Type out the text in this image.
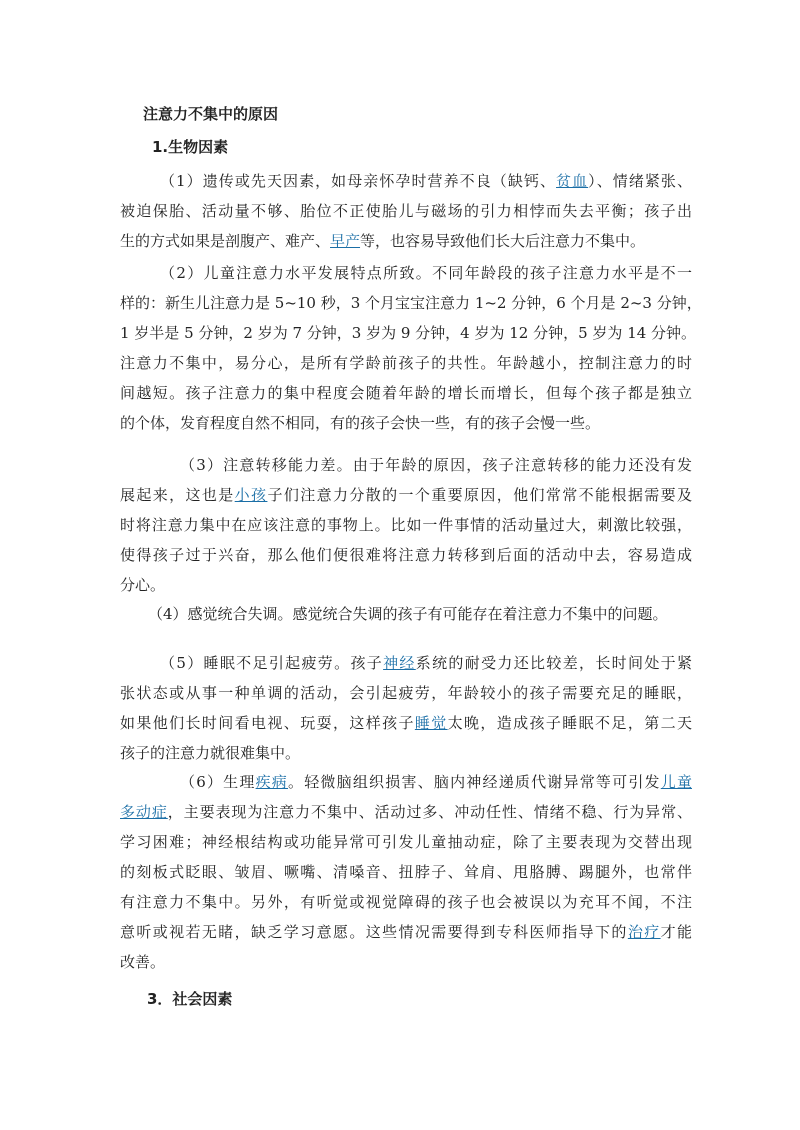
注意力不集中的原因
1.生物因素
（1）遗传或先天因素，如母亲怀孕时营养不良（缺钙、贫血）、情绪紧张、
被迫保胎、活动量不够、胎位不正使胎儿与磁场的引力相悖而失去平衡；孩子出
生的方式如果是剖腹产、难产、早产等，也容易导致他们长大后注意力不集中。
（2）儿童注意力水平发展特点所致。不同年龄段的孩子注意力水平是不一
样的：新生儿注意力是 5~10 秒，3 个月宝宝注意力 1~2 分钟，6 个月是 2~3 分钟，
1 岁半是 5 分钟，2 岁为 7 分钟，3 岁为 9 分钟，4 岁为 12 分钟，5 岁为 14 分钟。
注意力不集中，易分心，是所有学龄前孩子的共性。年龄越小，控制注意力的时
间越短。孩子注意力的集中程度会随着年龄的增长而增长，但每个孩子都是独立
的个体，发育程度自然不相同，有的孩子会快一些，有的孩子会慢一些。
（3）注意转移能力差。由于年龄的原因，孩子注意转移的能力还没有发
展起来，这也是小孩子们注意力分散的一个重要原因，他们常常不能根据需要及
时将注意力集中在应该注意的事物上。比如一件事情的活动量过大，刺激比较强，
使得孩子过于兴奋，那么他们便很难将注意力转移到后面的活动中去，容易造成
分心。
（4）感觉统合失调。感觉统合失调的孩子有可能存在着注意力不集中的问题。
（5）睡眠不足引起疲劳。孩子神经系统的耐受力还比较差，长时间处于紧
张状态或从事一种单调的活动，会引起疲劳，年龄较小的孩子需要充足的睡眠，
如果他们长时间看电视、玩耍，这样孩子睡觉太晚，造成孩子睡眠不足，第二天
孩子的注意力就很难集中。
（6）生理疾病。轻微脑组织损害、脑内神经递质代谢异常等可引发儿童
多动症，主要表现为注意力不集中、活动过多、冲动任性、情绪不稳、行为异常、
学习困难；神经根结构或功能异常可引发儿童抽动症，除了主要表现为交替出现
的刻板式眨眼、皱眉、噘嘴、清嗓音、扭脖子、耸肩、甩胳膊、踢腿外，也常伴
有注意力不集中。另外，有听觉或视觉障碍的孩子也会被误以为充耳不闻，不注
意听或视若无睹，缺乏学习意愿。这些情况需要得到专科医师指导下的治疗才能
改善。
3．社会因素
